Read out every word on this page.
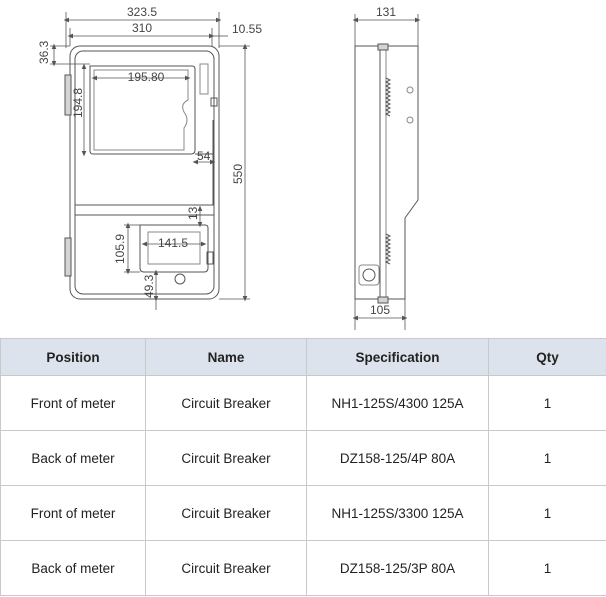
323.5
310	10.55
36.3
195.80
194.8
54
550
13
141.5
105.9
49.3
131
105
Position	Name	Specification	Qty
Front of meter	Circuit Breaker	NH1-125S/4300 125A	1
Back of meter	Circuit Breaker	DZ158-125/4P 80A	1
Front of meter	Circuit Breaker	NH1-125S/3300 125A	1
Back of meter	Circuit Breaker	DZ158-125/3P 80A	1
